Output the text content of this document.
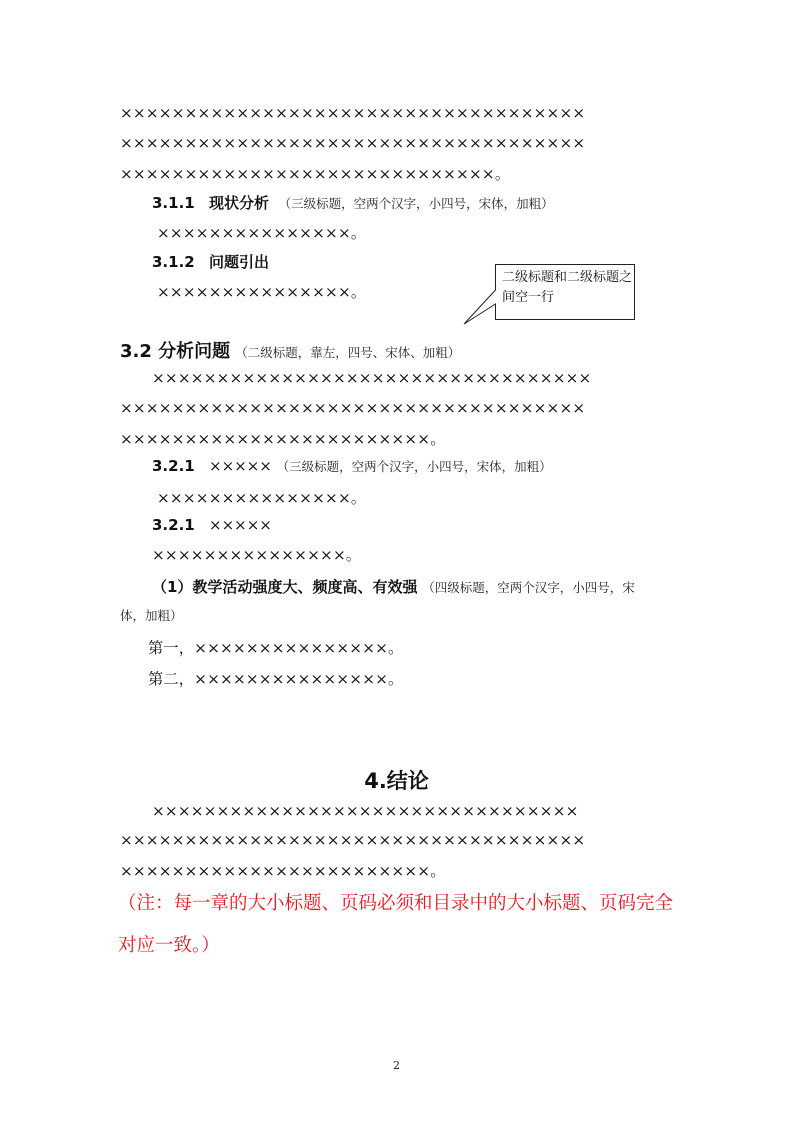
××××××××××××××××××××××××××××××××××××
××××××××××××××××××××××××××××××××××××
×××××××××××××××××××××××××××××。
3.1.1 现状分析 （三级标题，空两个汉字，小四号，宋体，加粗）
×××××××××××××××。
3.1.2 问题引出
×××××××××××××××。
二级标题和二级标题之间空一行
3.2 分析问题 （二级标题，靠左，四号、宋体、加粗）
××××××××××××××××××××××××××××××××××
××××××××××××××××××××××××××××××××××××
××××××××××××××××××××××××。
3.2.1 ××××× （三级标题，空两个汉字，小四号，宋体，加粗）
×××××××××××××××。
3.2.1 ×××××
×××××××××××××××。
（1）教学活动强度大、频度高、有效强 （四级标题，空两个汉字，小四号，宋
体，加粗）
第一，×××××××××××××××。
第二，×××××××××××××××。
4.结论
×××××××××××××××××××××××××××××××××
××××××××××××××××××××××××××××××××××××
××××××××××××××××××××××××。
（注：每一章的大小标题、页码必须和目录中的大小标题、页码完全
对应一致。）
2
